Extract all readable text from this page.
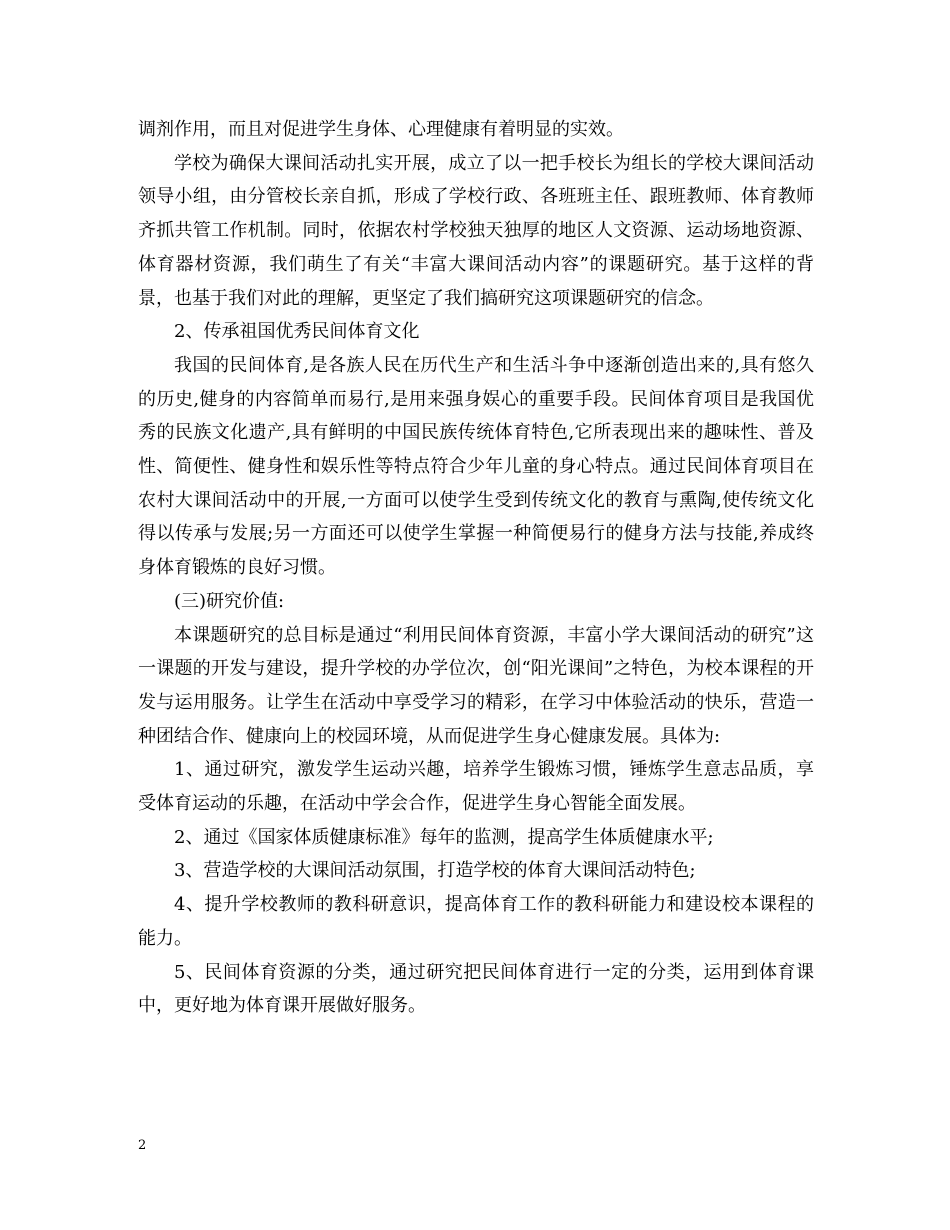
调剂作用，而且对促进学生身体、心理健康有着明显的实效。

学校为确保大课间活动扎实开展，成立了以一把手校长为组长的学校大课间活动领导小组，由分管校长亲自抓，形成了学校行政、各班班主任、跟班教师、体育教师齐抓共管工作机制。同时，依据农村学校独天独厚的地区人文资源、运动场地资源、体育器材资源，我们萌生了有关“丰富大课间活动内容”的课题研究。基于这样的背景，也基于我们对此的理解，更坚定了我们搞研究这项课题研究的信念。

2、传承祖国优秀民间体育文化

我国的民间体育,是各族人民在历代生产和生活斗争中逐渐创造出来的,具有悠久的历史,健身的内容简单而易行,是用来强身娱心的重要手段。民间体育项目是我国优秀的民族文化遗产,具有鲜明的中国民族传统体育特色,它所表现出来的趣味性、普及性、简便性、健身性和娱乐性等特点符合少年儿童的身心特点。通过民间体育项目在农村大课间活动中的开展,一方面可以使学生受到传统文化的教育与熏陶,使传统文化得以传承与发展;另一方面还可以使学生掌握一种简便易行的健身方法与技能,养成终身体育锻炼的良好习惯。

(三)研究价值:

本课题研究的总目标是通过“利用民间体育资源，丰富小学大课间活动的研究”这一课题的开发与建设，提升学校的办学位次，创“阳光课间”之特色，为校本课程的开发与运用服务。让学生在活动中享受学习的精彩，在学习中体验活动的快乐，营造一种团结合作、健康向上的校园环境，从而促进学生身心健康发展。具体为:

1、通过研究，激发学生运动兴趣，培养学生锻炼习惯，锤炼学生意志品质，享受体育运动的乐趣，在活动中学会合作，促进学生身心智能全面发展。

2、通过《国家体质健康标准》每年的监测，提高学生体质健康水平;

3、营造学校的大课间活动氛围，打造学校的体育大课间活动特色;

4、提升学校教师的教科研意识，提高体育工作的教科研能力和建设校本课程的能力。

5、民间体育资源的分类，通过研究把民间体育进行一定的分类，运用到体育课中，更好地为体育课开展做好服务。

2
